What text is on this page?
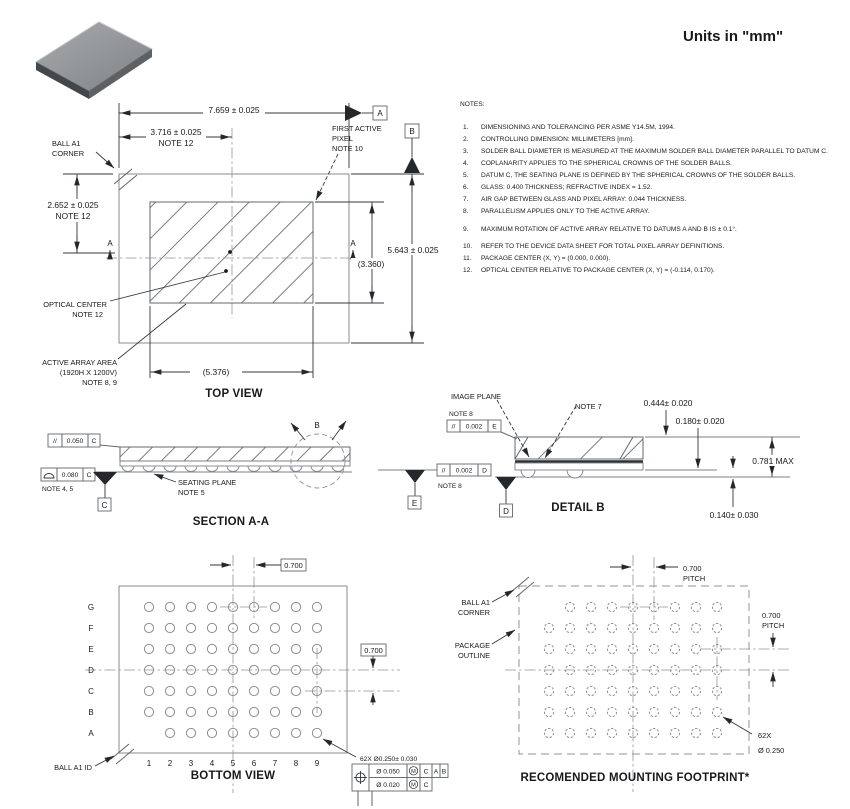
Units in "mm"
NOTES:
1. DIMENSIONING AND TOLERANCING PER ASME Y14.5M, 1994.
2. CONTROLLING DIMENSION: MILLIMETERS [mm].
3. SOLDER BALL DIAMETER IS MEASURED AT THE MAXIMUM SOLDER BALL DIAMETER PARALLEL TO DATUM C.
4. COPLANARITY APPLIES TO THE SPHERICAL CROWNS OF THE SOLDER BALLS.
5. DATUM C, THE SEATING PLANE IS DEFINED BY THE SPHERICAL CROWNS OF THE SOLDER BALLS.
6. GLASS: 0.400 THICKNESS; REFRACTIVE INDEX = 1.52.
7. AIR GAP BETWEEN GLASS AND PIXEL ARRAY: 0.044 THICKNESS.
8. PARALLELISM APPLIES ONLY TO THE ACTIVE ARRAY.
9. MAXIMUM ROTATION OF ACTIVE ARRAY RELATIVE TO DATUMS A AND B IS ± 0.1°.
10. REFER TO THE DEVICE DATA SHEET FOR TOTAL PIXEL ARRAY DEFINITIONS.
11. PACKAGE CENTER (X, Y) = (0.000, 0.000).
12. OPTICAL CENTER RELATIVE TO PACKAGE CENTER (X, Y) = (-0.114, 0.170).
A	A
A
7.659 ± 0.025
3.716 ± 0.025
NOTE 12
2.652 ± 0.025
NOTE 12
5.643 ± 0.025
(3.360)
(5.376)
B
BALL A1
CORNER
FIRST ACTIVE
PIXEL
NOTE 10
OPTICAL CENTER
NOTE 12
ACTIVE ARRAY AREA
(1920H X 1200V)
NOTE 8, 9
TOP VIEW
// 0.050 C
0.080 C
NOTE 4, 5
C
SEATING PLANE
NOTE 5
B
SECTION A-A
E
// 0.002 D
NOTE 8
D
NOTE 8
// 0.002 E
IMAGE PLANE
NOTE 7	0.444± 0.020
0.180± 0.020
0.781 MAX
0.140± 0.030
DETAIL B
BALL A1 ID
0.700
0.700
62X Ø0.250± 0.030
Ø 0.050 M C A B
Ø 0.020 M C
G
F
E
D
C
B
A
1 2 3 4 5 6 7 8 9
BOTTOM VIEW
BALL A1
CORNER
PACKAGE
OUTLINE
0.700
PITCH
0.700
PITCH
62X
Ø 0.250
RECOMENDED MOUNTING FOOTPRINT*
